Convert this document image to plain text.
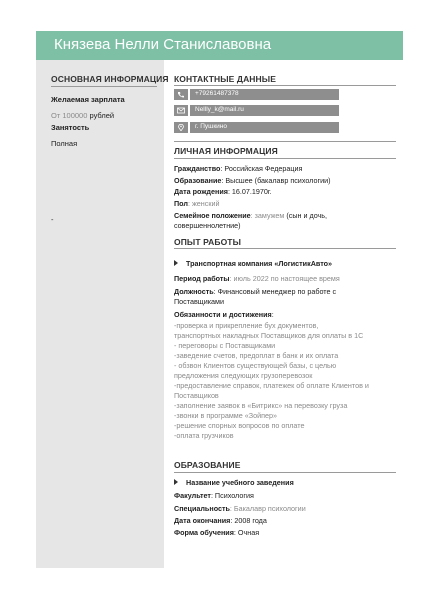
Князева Нелли Станиславовна
ОСНОВНАЯ ИНФОРМАЦИЯ
Желаемая зарплата
От 100000 рублей
Занятость
Полная
-
КОНТАКТНЫЕ ДАННЫЕ
+79261487378
Nellly_k@mail.ru
г. Пушкино
ЛИЧНАЯ ИНФОРМАЦИЯ
Гражданство: Российская Федерация
Образование: Высшее (бакалавр психологии)
Дата рождения: 16.07.1970г.
Пол: женский
Семейное положение: замужем (сын и дочь,
совершеннолетние)
ОПЫТ РАБОТЫ
Транспортная компания «ЛогистикАвто»
Период работы: июль 2022 по настоящее время
Должность: Финансовый менеджер по работе с
Поставщиками
Обязанности и достижения:
-проверка и прикрепление бух документов,
транспортных накладных Поставщиков для оплаты в 1С
- переговоры с Поставщиками
-заведение счетов, предоплат в банк и их оплата
- обзвон Клиентов существующей базы, с целью
предложения следующих грузоперевозок
-предоставление справок, платежек об оплате Клиентов и
Поставщиков
-заполнение заявок в «Битрикс» на перевозку груза
-звонки в программе «Зойпер»
-решение спорных вопросов по оплате
-оплата грузчиков
ОБРАЗОВАНИЕ
Название учебного заведения
Факультет: Психология
Специальность: Бакалавр психологии
Дата окончания: 2008 года
Форма обучения: Очная
